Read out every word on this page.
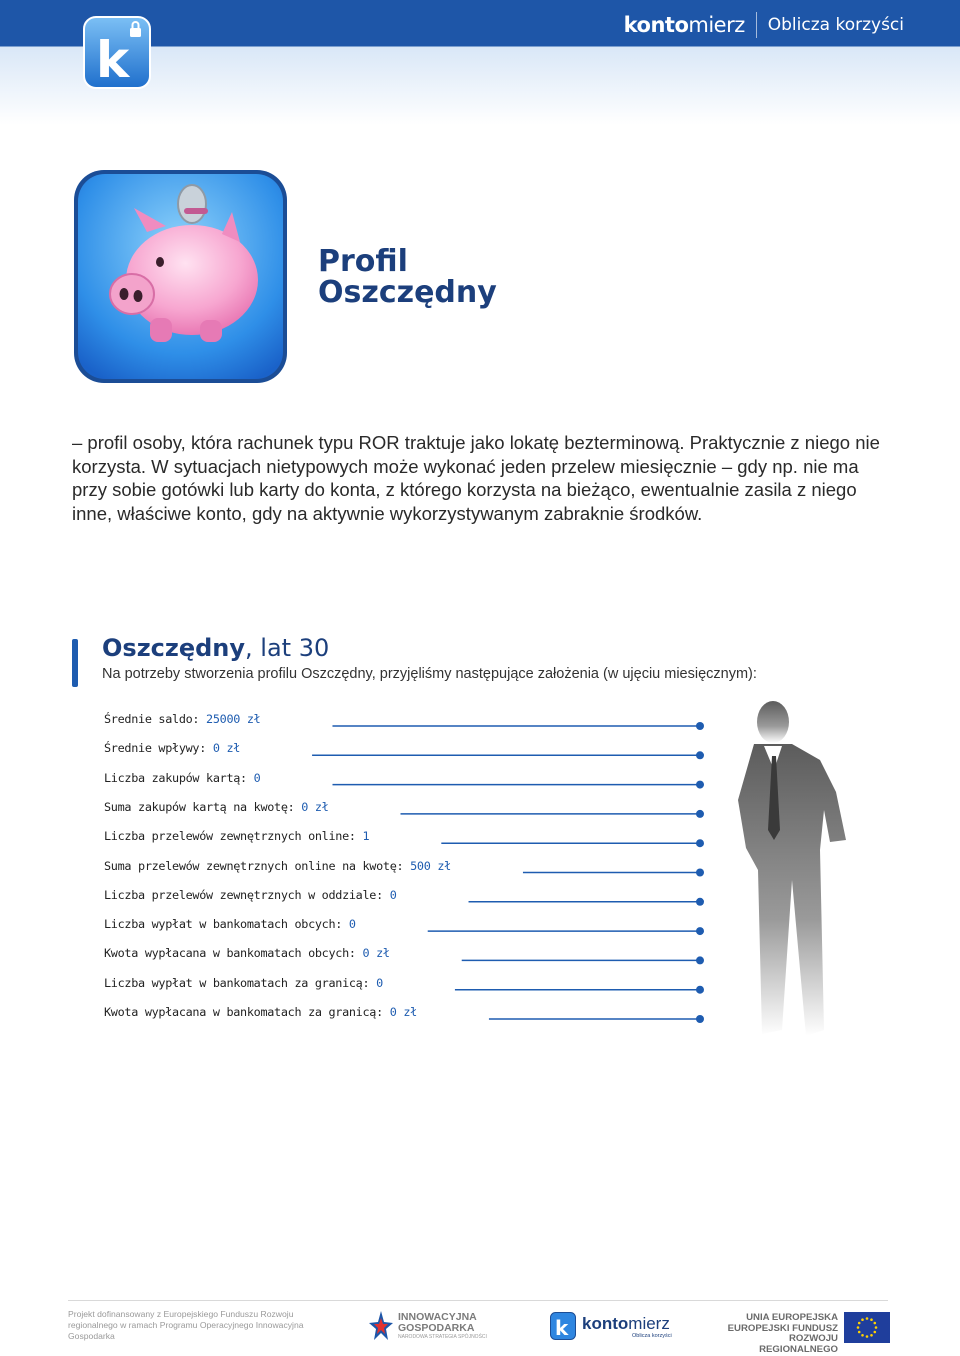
k
kontomierz Oblicza korzyści
Profil
Oszczędny
– profil osoby, która rachunek typu ROR traktuje jako lokatę bezterminową. Praktycznie z niego nie korzysta. W sytuacjach nietypowych może wykonać jeden przelew miesięcznie – gdy np. nie ma przy sobie gotówki lub karty do konta, z którego korzysta na bieżąco, ewentualnie zasila z niego inne, właściwe konto, gdy na aktywnie wykorzystywanym zabraknie środków.
Oszczędny, lat 30
Na potrzeby stworzenia profilu Oszczędny, przyjęliśmy następujące założenia (w ujęciu miesięcznym):
Średnie saldo: 25000 zł
Średnie wpływy: 0 zł
Liczba zakupów kartą: 0
Suma zakupów kartą na kwotę: 0 zł
Liczba przelewów zewnętrznych online: 1
Suma przelewów zewnętrznych online na kwotę: 500 zł
Liczba przelewów zewnętrznych w oddziale: 0
Liczba wypłat w bankomatach obcych: 0
Kwota wypłacana w bankomatach obcych: 0 zł
Liczba wypłat w bankomatach za granicą: 0
Kwota wypłacana w bankomatach za granicą: 0 zł
Projekt dofinansowany z Europejskiego Funduszu Rozwoju regionalnego w ramach Programu Operacyjnego Innowacyjna Gospodarka
INNOWACYJNA
GOSPODARKA
NARODOWA STRATEGIA SPÓJNOŚCI	k kontomierz
Oblicza korzyści
UNIA EUROPEJSKA
EUROPEJSKI FUNDUSZ
ROZWOJU REGIONALNEGO
